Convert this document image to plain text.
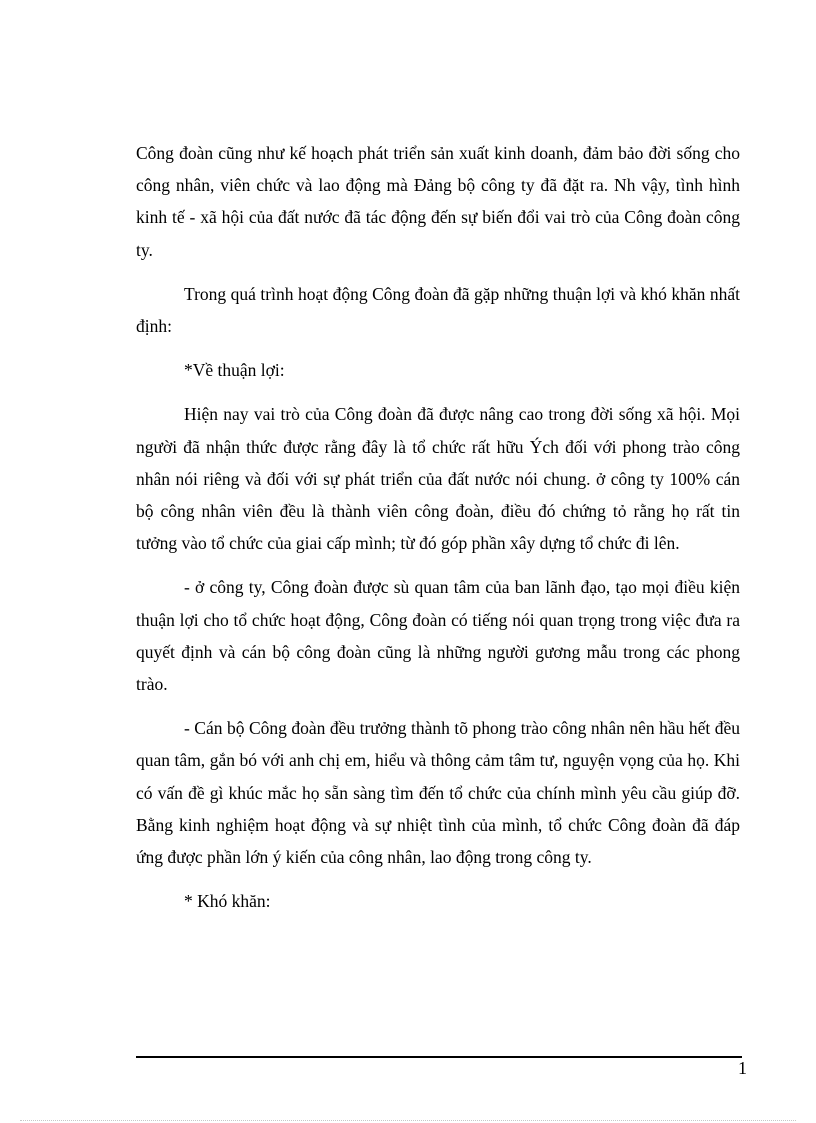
Công đoàn cũng như kế hoạch phát triển sản xuất kinh doanh, đảm bảo đời sống cho công nhân, viên chức và lao động mà Đảng bộ công ty đã đặt ra. Nh vậy, tình hình kinh tế - xã hội của đất nước đã tác động đến sự biến đổi vai trò của Công đoàn công ty.

Trong quá trình hoạt động Công đoàn đã gặp những thuận lợi và khó khăn nhất định:

*Về thuận lợi:

Hiện nay vai trò của Công đoàn đã được nâng cao trong đời sống xã hội. Mọi người đã nhận thức được rằng đây là tổ chức rất hữu Ých đối với phong trào công nhân nói riêng và đối với sự phát triển của đất nước nói chung. ở công ty 100% cán bộ công nhân viên đều là thành viên công đoàn, điều đó chứng tỏ rằng họ rất tin tưởng vào tổ chức của giai cấp mình; từ đó góp phần xây dựng tổ chức đi lên.

- ở công ty, Công đoàn được sù quan tâm của ban lãnh đạo, tạo mọi điều kiện thuận lợi cho tổ chức hoạt động, Công đoàn có tiếng nói quan trọng trong việc đưa ra quyết định và cán bộ công đoàn cũng là những người gương mẫu trong các phong trào.

- Cán bộ Công đoàn đều trưởng thành tõ phong trào công nhân nên hầu hết đều quan tâm, gắn bó với anh chị em, hiểu và thông cảm tâm tư, nguyện vọng của họ. Khi có vấn đề gì khúc mắc họ sẵn sàng tìm đến tổ chức của chính mình yêu cầu giúp đỡ. Bằng kinh nghiệm hoạt động và sự nhiệt tình của mình, tổ chức Công đoàn đã đáp ứng được phần lớn ý kiến của công nhân, lao động trong công ty.

* Khó khăn:

1
